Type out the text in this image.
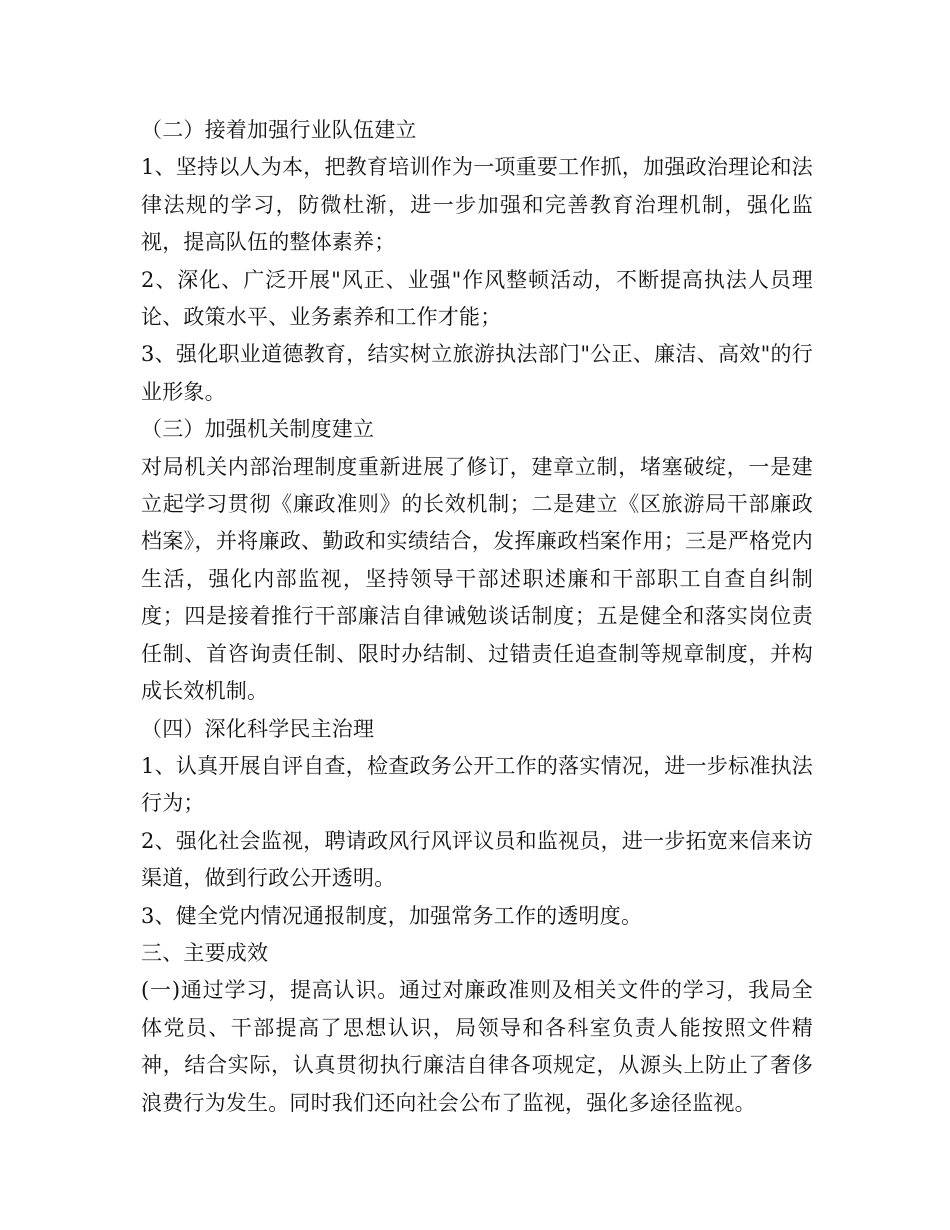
（二）接着加强行业队伍建立

1、坚持以人为本，把教育培训作为一项重要工作抓，加强政治理论和法律法规的学习，防微杜渐，进一步加强和完善教育治理机制，强化监视，提高队伍的整体素养；

2、深化、广泛开展"风正、业强"作风整顿活动，不断提高执法人员理论、政策水平、业务素养和工作才能；

3、强化职业道德教育，结实树立旅游执法部门"公正、廉洁、高效"的行业形象。

（三）加强机关制度建立

对局机关内部治理制度重新进展了修订，建章立制，堵塞破绽，一是建立起学习贯彻《廉政准则》的长效机制；二是建立《区旅游局干部廉政档案》，并将廉政、勤政和实绩结合，发挥廉政档案作用；三是严格党内生活，强化内部监视，坚持领导干部述职述廉和干部职工自查自纠制度；四是接着推行干部廉洁自律诫勉谈话制度；五是健全和落实岗位责任制、首咨询责任制、限时办结制、过错责任追查制等规章制度，并构成长效机制。

（四）深化科学民主治理

1、认真开展自评自查，检查政务公开工作的落实情况，进一步标准执法行为；

2、强化社会监视，聘请政风行风评议员和监视员，进一步拓宽来信来访渠道，做到行政公开透明。

3、健全党内情况通报制度，加强常务工作的透明度。

三、主要成效

(一)通过学习，提高认识。通过对廉政准则及相关文件的学习，我局全体党员、干部提高了思想认识，局领导和各科室负责人能按照文件精神，结合实际，认真贯彻执行廉洁自律各项规定，从源头上防止了奢侈浪费行为发生。同时我们还向社会公布了监视，强化多途径监视。
